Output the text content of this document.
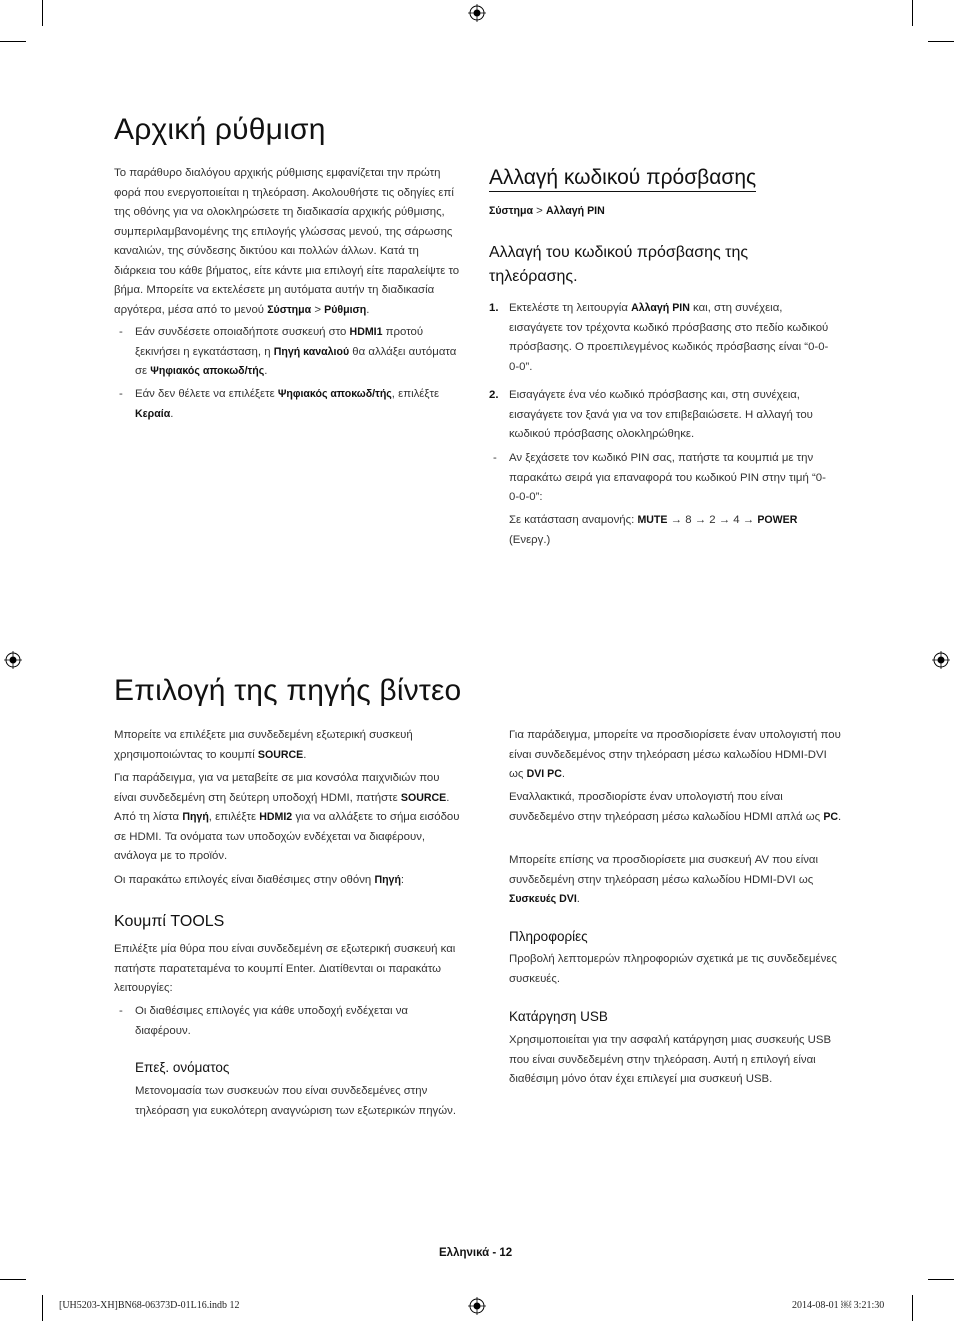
Αρχική ρύθμιση

Το παράθυρο διαλόγου αρχικής ρύθμισης εμφανίζεται την πρώτη φορά που ενεργοποιείται η τηλεόραση. Ακολουθήστε τις οδηγίες επί της οθόνης για να ολοκληρώσετε τη διαδικασία αρχικής ρύθμισης, συμπεριλαμβανομένης της επιλογής γλώσσας μενού, της σάρωσης καναλιών, της σύνδεσης δικτύου και πολλών άλλων. Κατά τη διάρκεια του κάθε βήματος, είτε κάντε μια επιλογή είτε παραλείψτε το βήμα. Μπορείτε να εκτελέσετε μη αυτόματα αυτήν τη διαδικασία αργότερα, μέσα από το μενού Σύστημα > Ρύθμιση.

- Εάν συνδέσετε οποιαδήποτε συσκευή στο HDMI1 προτού ξεκινήσει η εγκατάσταση, η Πηγή καναλιού θα αλλάξει αυτόματα σε Ψηφιακός αποκωδ/τής.

- Εάν δεν θέλετε να επιλέξετε Ψηφιακός αποκωδ/τής, επιλέξτε Κεραία.

Αλλαγή κωδικού πρόσβασης

Σύστημα > Αλλαγή PIN

Αλλαγή του κωδικού πρόσβασης της τηλεόρασης.

1. Εκτελέστε τη λειτουργία Αλλαγή PIN και, στη συνέχεια, εισαγάγετε τον τρέχοντα κωδικό πρόσβασης στο πεδίο κωδικού πρόσβασης. Ο προεπιλεγμένος κωδικός πρόσβασης είναι “0-0-0-0”.

2. Εισαγάγετε ένα νέο κωδικό πρόσβασης και, στη συνέχεια, εισαγάγετε τον ξανά για να τον επιβεβαιώσετε. Η αλλαγή του κωδικού πρόσβασης ολοκληρώθηκε.

- Αν ξεχάσετε τον κωδικό PIN σας, πατήστε τα κουμπιά με την παρακάτω σειρά για επαναφορά του κωδικού PIN στην τιμή “0-0-0-0”:

Σε κατάσταση αναμονής: MUTE → 8 → 2 → 4 → POWER (Ενεργ.)

Επιλογή της πηγής βίντεο

Μπορείτε να επιλέξετε μια συνδεδεμένη εξωτερική συσκευή χρησιμοποιώντας το κουμπί SOURCE.

Για παράδειγμα, για να μεταβείτε σε μια κονσόλα παιχνιδιών που είναι συνδεδεμένη στη δεύτερη υποδοχή HDMI, πατήστε SOURCE. Από τη λίστα Πηγή, επιλέξτε HDMI2 για να αλλάξετε το σήμα εισόδου σε HDMI. Τα ονόματα των υποδοχών ενδέχεται να διαφέρουν, ανάλογα με το προϊόν.

Οι παρακάτω επιλογές είναι διαθέσιμες στην οθόνη Πηγή:

Κουμπί TOOLS

Επιλέξτε μία θύρα που είναι συνδεδεμένη σε εξωτερική συσκευή και πατήστε παρατεταμένα το κουμπί Enter. Διατίθενται οι παρακάτω λειτουργίες:

- Οι διαθέσιμες επιλογές για κάθε υποδοχή ενδέχεται να διαφέρουν.

Επεξ. ονόματος

Μετονομασία των συσκευών που είναι συνδεδεμένες στην τηλεόραση για ευκολότερη αναγνώριση των εξωτερικών πηγών.

Για παράδειγμα, μπορείτε να προσδιορίσετε έναν υπολογιστή που είναι συνδεδεμένος στην τηλεόραση μέσω καλωδίου HDMI-DVI ως DVI PC.

Εναλλακτικά, προσδιορίστε έναν υπολογιστή που είναι συνδεδεμένο στην τηλεόραση μέσω καλωδίου HDMI απλά ως PC.

Μπορείτε επίσης να προσδιορίσετε μια συσκευή AV που είναι συνδεδεμένη στην τηλεόραση μέσω καλωδίου HDMI-DVI ως Συσκευές DVI.

Πληροφορίες

Προβολή λεπτομερών πληροφοριών σχετικά με τις συνδεδεμένες συσκευές.

Κατάργηση USB

Χρησιμοποιείται για την ασφαλή κατάργηση μιας συσκευής USB που είναι συνδεδεμένη στην τηλεόραση. Αυτή η επιλογή είναι διαθέσιμη μόνο όταν έχει επιλεγεί μια συσκευή USB.

Ελληνικά - 12
[UH5203-XH]BN68-06373D-01L16.indb 12	2014-08-01 ￼ 3:21:30
